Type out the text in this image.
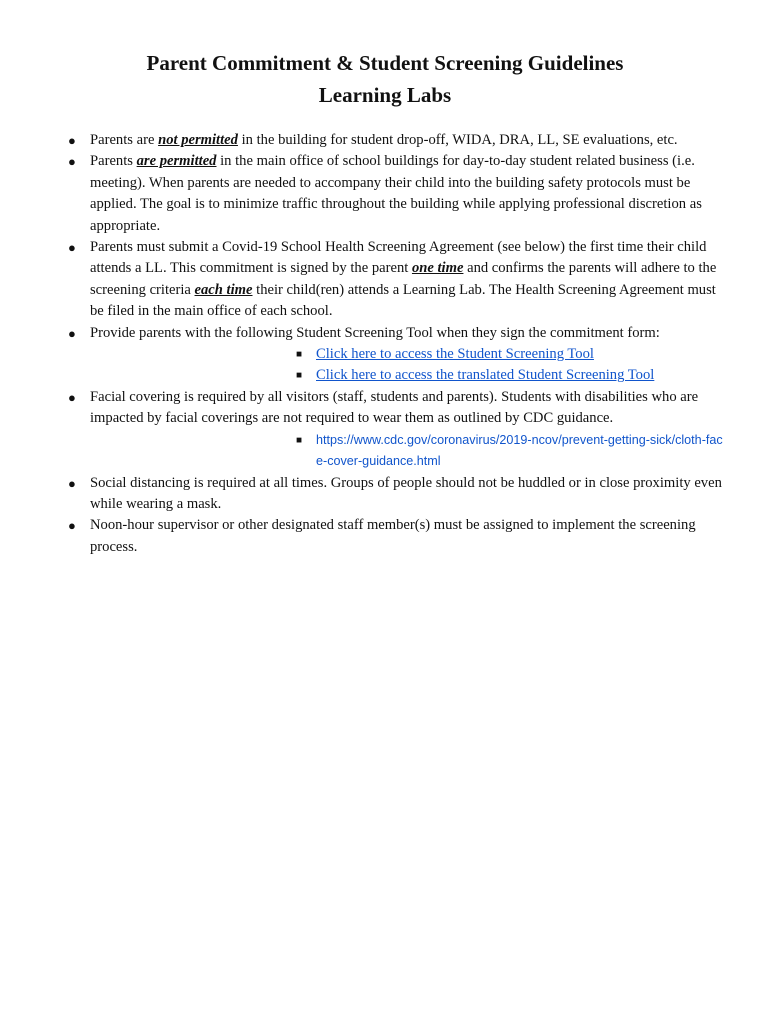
Parent Commitment & Student Screening Guidelines
Learning Labs
● Parents are not permitted in the building for student drop-off, WIDA, DRA, LL, SE evaluations, etc.
● Parents are permitted in the main office of school buildings for day-to-day student related business (i.e. meeting). When parents are needed to accompany their child into the building safety protocols must be applied. The goal is to minimize traffic throughout the building while applying professional discretion as appropriate.
● Parents must submit a Covid-19 School Health Screening Agreement (see below) the first time their child attends a LL. This commitment is signed by the parent one time and confirms the parents will adhere to the screening criteria each time their child(ren) attends a Learning Lab. The Health Screening Agreement must be filed in the main office of each school.
● Provide parents with the following Student Screening Tool when they sign the commitment form:
■ Click here to access the Student Screening Tool
■ Click here to access the translated Student Screening Tool
● Facial covering is required by all visitors (staff, students and parents). Students with disabilities who are impacted by facial coverings are not required to wear them as outlined by CDC guidance.
■ https://www.cdc.gov/coronavirus/2019-ncov/prevent-getting-sick/cloth-face-cover-guidance.html
● Social distancing is required at all times. Groups of people should not be huddled or in close proximity even while wearing a mask.
● Noon-hour supervisor or other designated staff member(s) must be assigned to implement the screening process.
